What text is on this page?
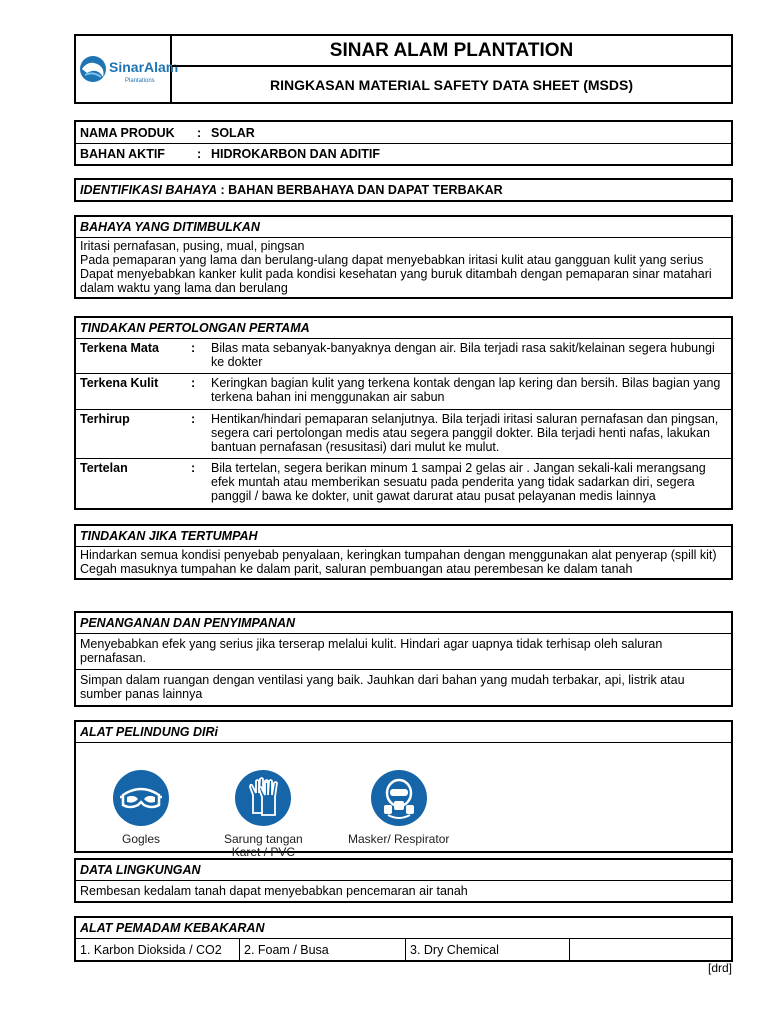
SinarAlam
Plantations
SINAR ALAM PLANTATION
RINGKASAN MATERIAL SAFETY DATA SHEET (MSDS)
NAMA PRODUK	: SOLAR
BAHAN AKTIF	: HIDROKARBON DAN ADITIF
IDENTIFIKASI BAHAYA : BAHAN BERBAHAYA DAN DAPAT TERBAKAR
BAHAYA YANG DITIMBULKAN
Iritasi pernafasan, pusing, mual, pingsan
Pada pemaparan yang lama dan berulang-ulang dapat menyebabkan iritasi kulit atau gangguan kulit yang serius
Dapat menyebabkan kanker kulit pada kondisi kesehatan yang buruk ditambah dengan pemaparan sinar matahari dalam waktu yang lama dan berulang
TINDAKAN PERTOLONGAN PERTAMA
Terkena Mata	:	Bilas mata sebanyak-banyaknya dengan air. Bila terjadi rasa sakit/kelainan segera hubungi ke dokter
Terkena Kulit	:	Keringkan bagian kulit yang terkena kontak dengan lap kering dan bersih. Bilas bagian yang terkena bahan ini menggunakan air sabun
Terhirup	:	Hentikan/hindari pemaparan selanjutnya. Bila terjadi iritasi saluran pernafasan dan pingsan, segera cari pertolongan medis atau segera panggil dokter. Bila terjadi henti nafas, lakukan bantuan pernafasan (resusitasi) dari mulut ke mulut.
Tertelan	:	Bila tertelan, segera berikan minum 1 sampai 2 gelas air . Jangan sekali-kali merangsang efek muntah atau memberikan sesuatu pada penderita yang tidak sadarkan diri, segera panggil / bawa ke dokter, unit gawat darurat atau pusat pelayanan medis lainnya
TINDAKAN JIKA TERTUMPAH
Hindarkan semua kondisi penyebab penyalaan, keringkan tumpahan dengan menggunakan alat penyerap (spill kit)
Cegah masuknya tumpahan ke dalam parit, saluran pembuangan atau perembesan ke dalam tanah
PENANGANAN DAN PENYIMPANAN
Menyebabkan efek yang serius jika terserap melalui kulit. Hindari agar uapnya tidak terhisap oleh saluran pernafasan.
Simpan dalam ruangan dengan ventilasi yang baik. Jauhkan dari bahan yang mudah terbakar, api, listrik atau sumber panas lainnya
ALAT PELINDUNG DIRi
Gogles	Sarung tangan
Karet / PVC
Masker/ Respirator
DATA LINGKUNGAN
Rembesan kedalam tanah dapat menyebabkan pencemaran air tanah
ALAT PEMADAM KEBAKARAN
1. Karbon Dioksida / CO2	2. Foam / Busa	3. Dry Chemical
[drd]
